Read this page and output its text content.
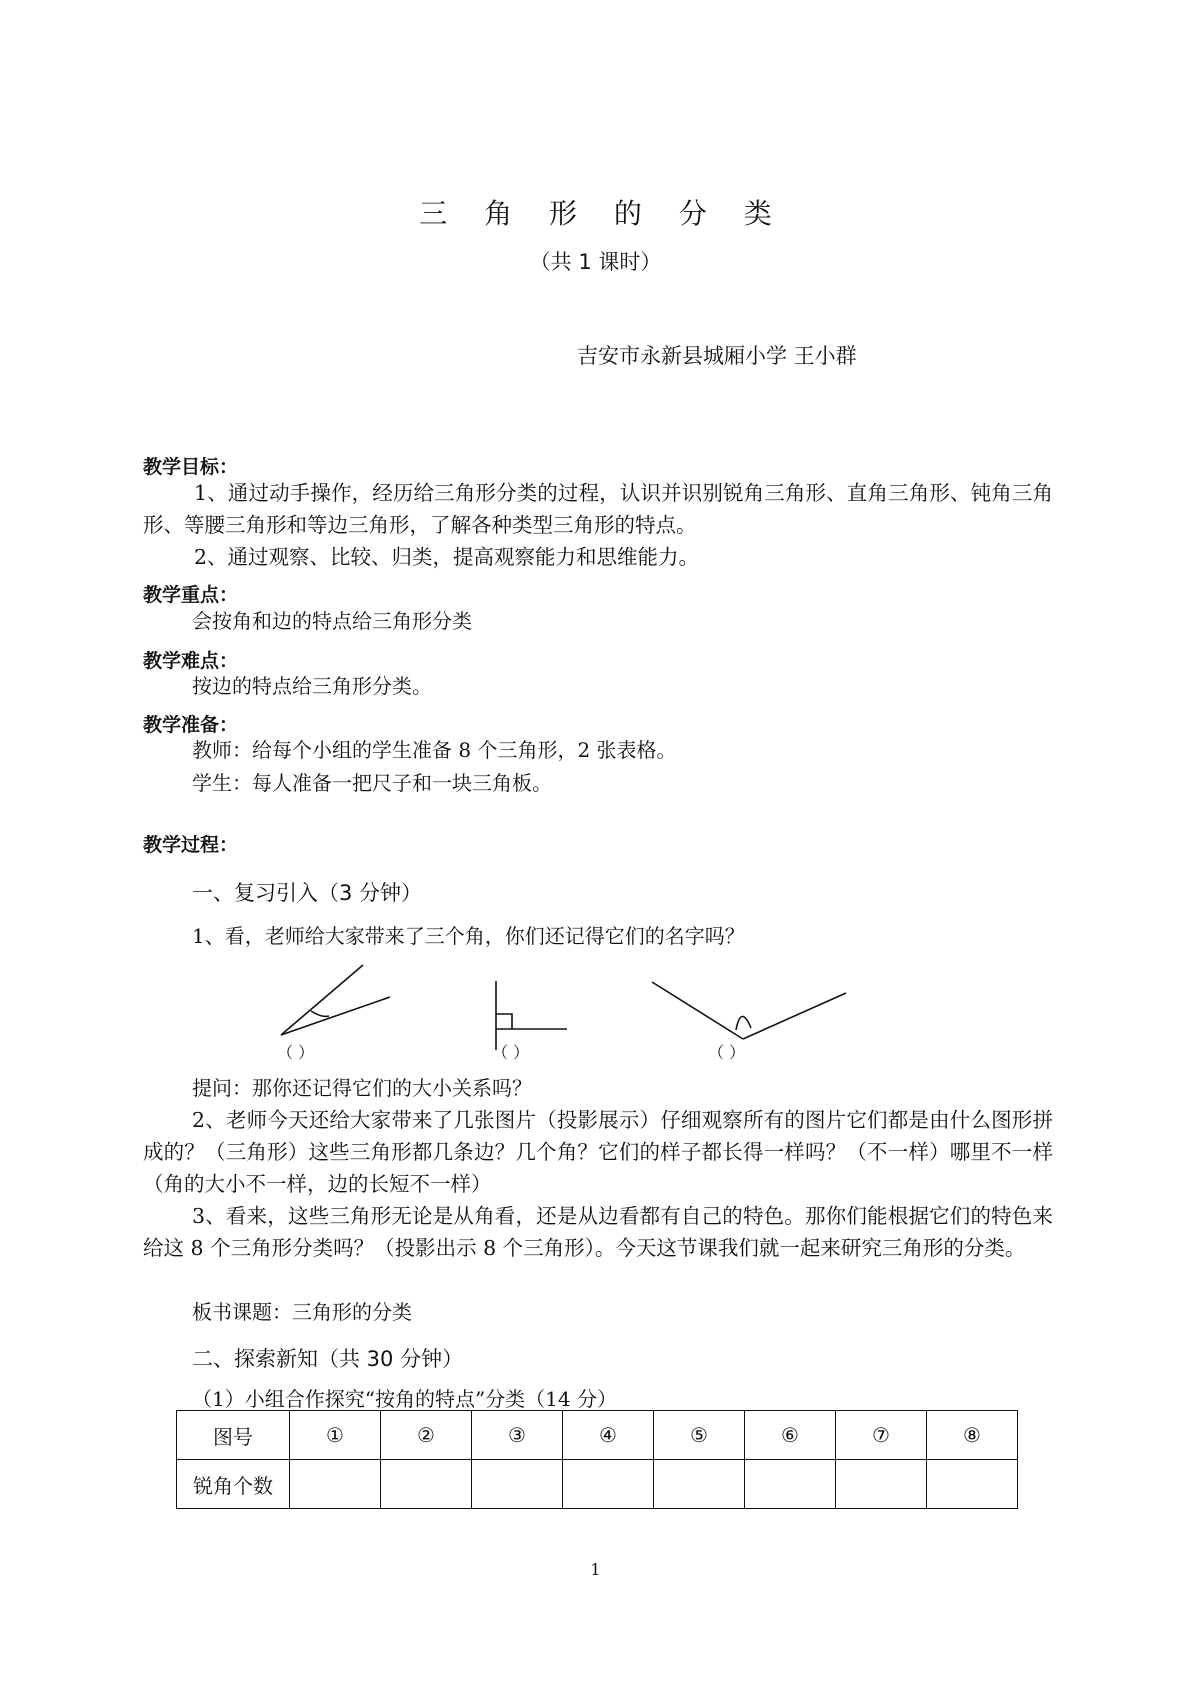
三 角 形 的 分 类
（共 1 课时）
吉安市永新县城厢小学 王小群
教学目标：
1、通过动手操作，经历给三角形分类的过程，认识并识别锐角三角形、直角三角形、钝角三角形、等腰三角形和等边三角形，了解各种类型三角形的特点。
2、通过观察、比较、归类，提高观察能力和思维能力。
教学重点：
会按角和边的特点给三角形分类
教学难点：
按边的特点给三角形分类。
教学准备：
教师：给每个小组的学生准备 8 个三角形，2 张表格。
学生：每人准备一把尺子和一块三角板。
教学过程：
一、复习引入（3 分钟）
1、看，老师给大家带来了三个角，你们还记得它们的名字吗？
（ ）	（ ）	（ ）
提问：那你还记得它们的大小关系吗？
2、老师今天还给大家带来了几张图片（投影展示）仔细观察所有的图片它们都是由什么图形拼成的？（三角形）这些三角形都几条边？几个角？它们的样子都长得一样吗？（不一样）哪里不一样（角的大小不一样，边的长短不一样）
3、看来，这些三角形无论是从角看，还是从边看都有自己的特色。那你们能根据它们的特色来给这 8 个三角形分类吗？（投影出示 8 个三角形）。今天这节课我们就一起来研究三角形的分类。
板书课题：三角形的分类
二、探索新知（共 30 分钟）
（1）小组合作探究“按角的特点”分类（14 分）
图号	①	②	③	④	⑤	⑥	⑦	⑧
锐角个数								
1
